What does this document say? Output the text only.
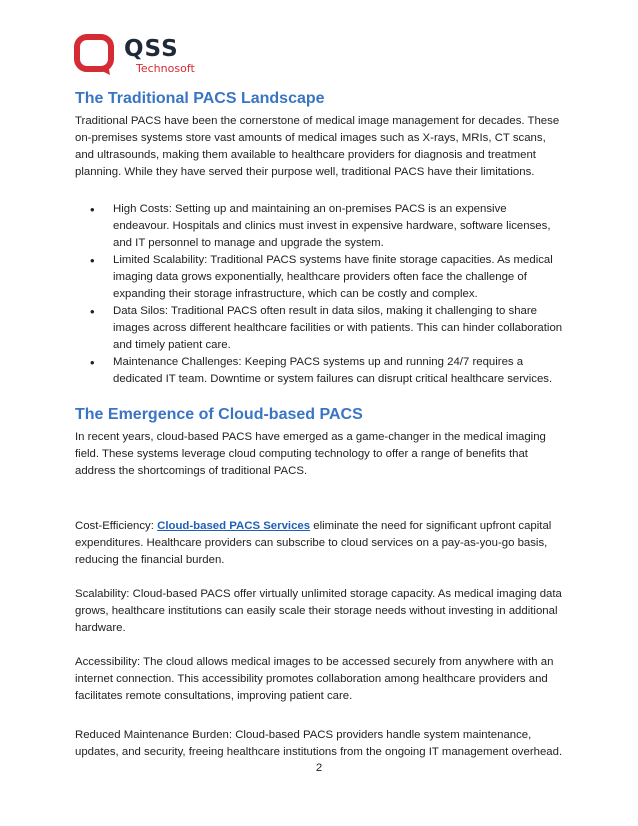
QSS
Technosoft
The Traditional PACS Landscape

Traditional PACS have been the cornerstone of medical image management for decades. These on-premises systems store vast amounts of medical images such as X-rays, MRIs, CT scans, and ultrasounds, making them available to healthcare providers for diagnosis and treatment planning. While they have served their purpose well, traditional PACS have their limitations.

• High Costs: Setting up and maintaining an on-premises PACS is an expensive endeavour. Hospitals and clinics must invest in expensive hardware, software licenses, and IT personnel to manage and upgrade the system.
• Limited Scalability: Traditional PACS systems have finite storage capacities. As medical imaging data grows exponentially, healthcare providers often face the challenge of expanding their storage infrastructure, which can be costly and complex.
• Data Silos: Traditional PACS often result in data silos, making it challenging to share images across different healthcare facilities or with patients. This can hinder collaboration and timely patient care.
• Maintenance Challenges: Keeping PACS systems up and running 24/7 requires a dedicated IT team. Downtime or system failures can disrupt critical healthcare services.
The Emergence of Cloud-based PACS

In recent years, cloud-based PACS have emerged as a game-changer in the medical imaging field. These systems leverage cloud computing technology to offer a range of benefits that address the shortcomings of traditional PACS.

Cost-Efficiency: Cloud-based PACS Services eliminate the need for significant upfront capital expenditures. Healthcare providers can subscribe to cloud services on a pay-as-you-go basis, reducing the financial burden.

Scalability: Cloud-based PACS offer virtually unlimited storage capacity. As medical imaging data grows, healthcare institutions can easily scale their storage needs without investing in additional hardware.

Accessibility: The cloud allows medical images to be accessed securely from anywhere with an internet connection. This accessibility promotes collaboration among healthcare providers and facilitates remote consultations, improving patient care.

Reduced Maintenance Burden: Cloud-based PACS providers handle system maintenance, updates, and security, freeing healthcare institutions from the ongoing IT management overhead.

2
